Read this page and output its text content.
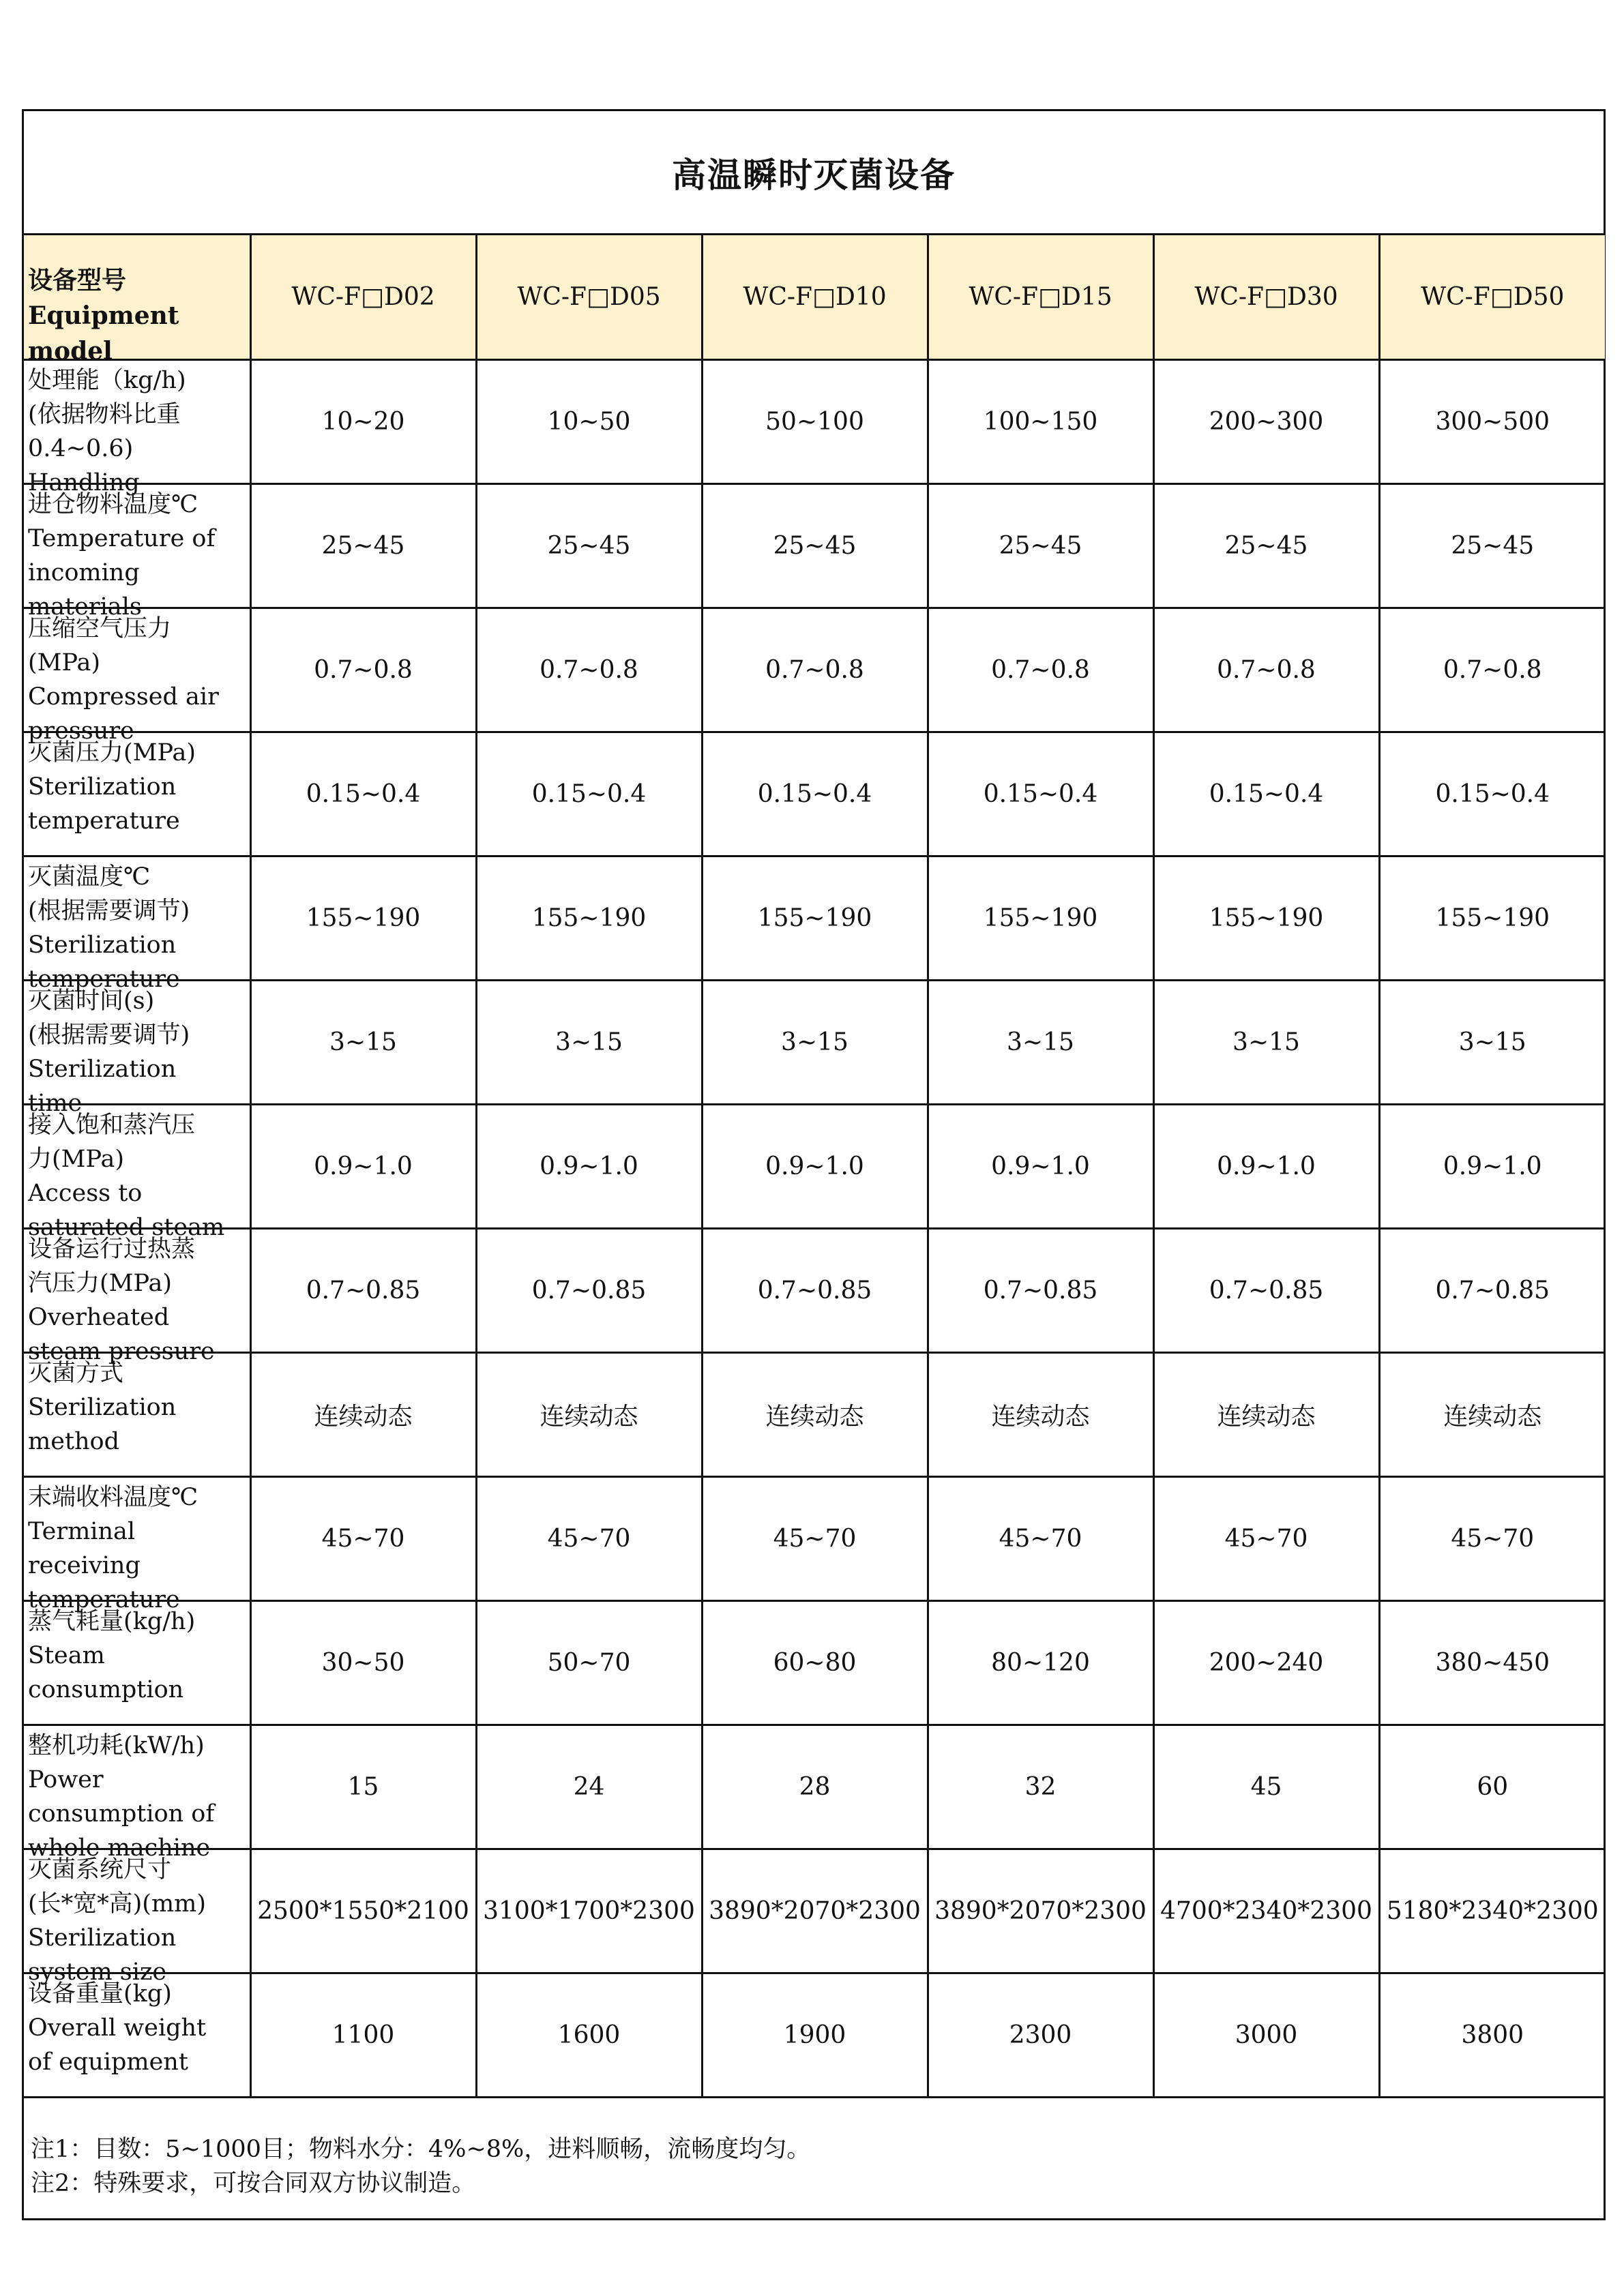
高温瞬时灭菌设备
设备型号
Equipment model	WC-F□D02	WC-F□D05	WC-F□D10	WC-F□D15	WC-F□D30	WC-F□D50

处理能（kg/h)
(依据物料比重
0.4~0.6)
Handling	10~20	10~50	50~100	100~150	200~300	300~500

进仓物料温度℃
Temperature of
incoming
materials	25~45	25~45	25~45	25~45	25~45	25~45

压缩空气压力
(MPa)
Compressed air
pressure	0.7~0.8	0.7~0.8	0.7~0.8	0.7~0.8	0.7~0.8	0.7~0.8

灭菌压力(MPa)
Sterilization
temperature	0.15~0.4	0.15~0.4	0.15~0.4	0.15~0.4	0.15~0.4	0.15~0.4

灭菌温度℃
(根据需要调节)
Sterilization
temperature	155~190	155~190	155~190	155~190	155~190	155~190

灭菌时间(s)
(根据需要调节)
Sterilization
time	3~15	3~15	3~15	3~15	3~15	3~15

接入饱和蒸汽压
力(MPa)
Access to
saturated steam	0.9~1.0	0.9~1.0	0.9~1.0	0.9~1.0	0.9~1.0	0.9~1.0

设备运行过热蒸
汽压力(MPa)
Overheated
steam pressure	0.7~0.85	0.7~0.85	0.7~0.85	0.7~0.85	0.7~0.85	0.7~0.85

灭菌方式
Sterilization
method	连续动态	连续动态	连续动态	连续动态	连续动态	连续动态

末端收料温度℃
Terminal
receiving
temperature	45~70	45~70	45~70	45~70	45~70	45~70

蒸气耗量(kg/h)
Steam
consumption	30~50	50~70	60~80	80~120	200~240	380~450

整机功耗(kW/h)
Power
consumption of
whole machine	15	24	28	32	45	60

灭菌系统尺寸
(长*宽*高)(mm)
Sterilization
system size	2500*1550*2100	3100*1700*2300	3890*2070*2300	3890*2070*2300	4700*2340*2300	5180*2340*2300

设备重量(kg)
Overall weight
of equipment	1100	1600	1900	2300	3000	3800
注1：目数：5~1000目；物料水分：4%~8%，进料顺畅，流畅度均匀。
注2：特殊要求，可按合同双方协议制造。
